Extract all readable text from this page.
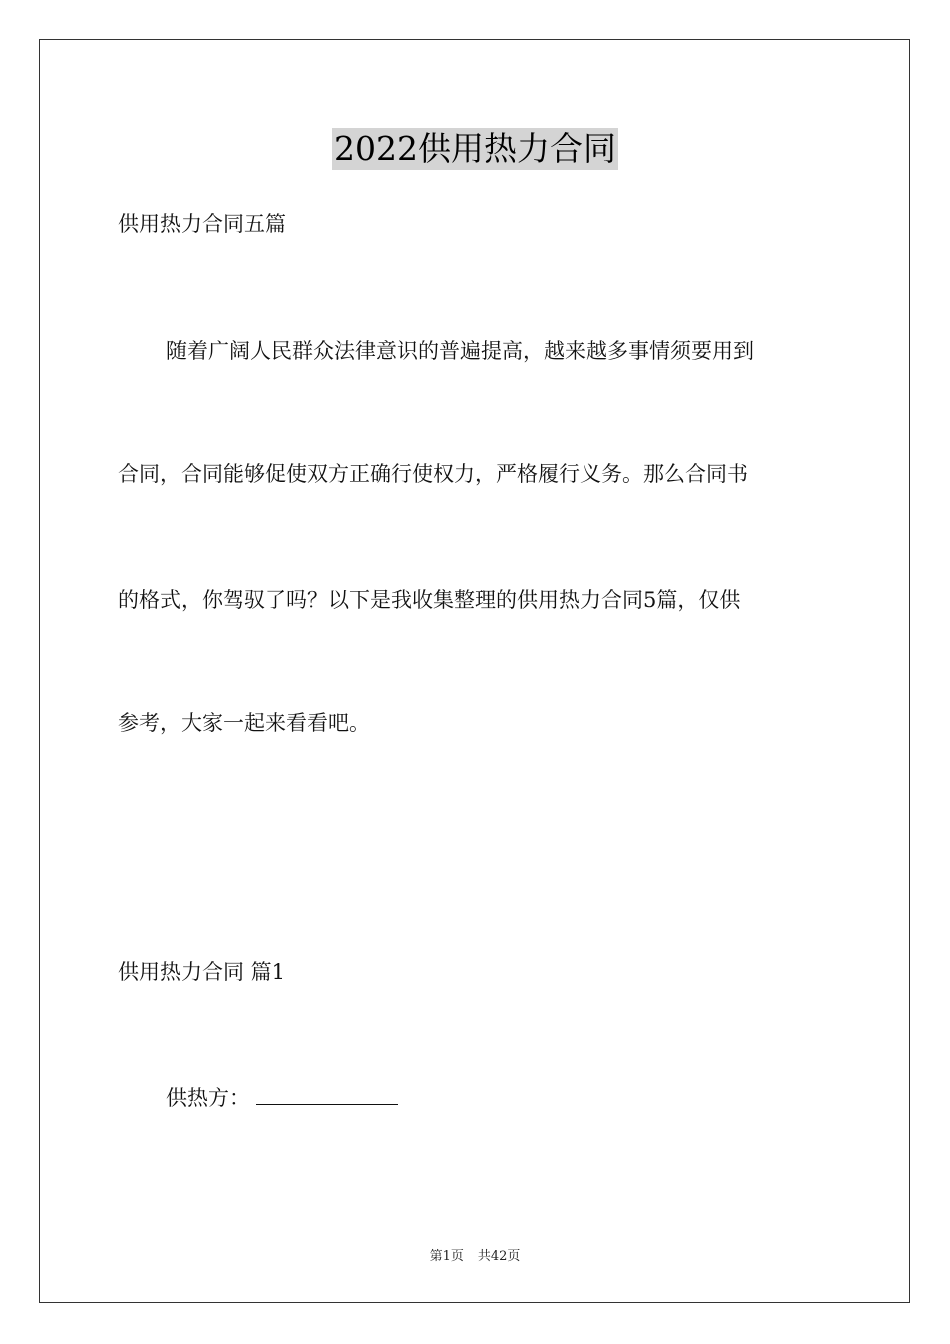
2022供用热力合同
供用热力合同五篇
随着广阔人民群众法律意识的普遍提高，越来越多事情须要用到
合同，合同能够促使双方正确行使权力，严格履行义务。那么合同书
的格式，你驾驭了吗？以下是我收集整理的供用热力合同5篇，仅供
参考，大家一起来看看吧。
供用热力合同 篇1
供热方：
第1页 共42页
